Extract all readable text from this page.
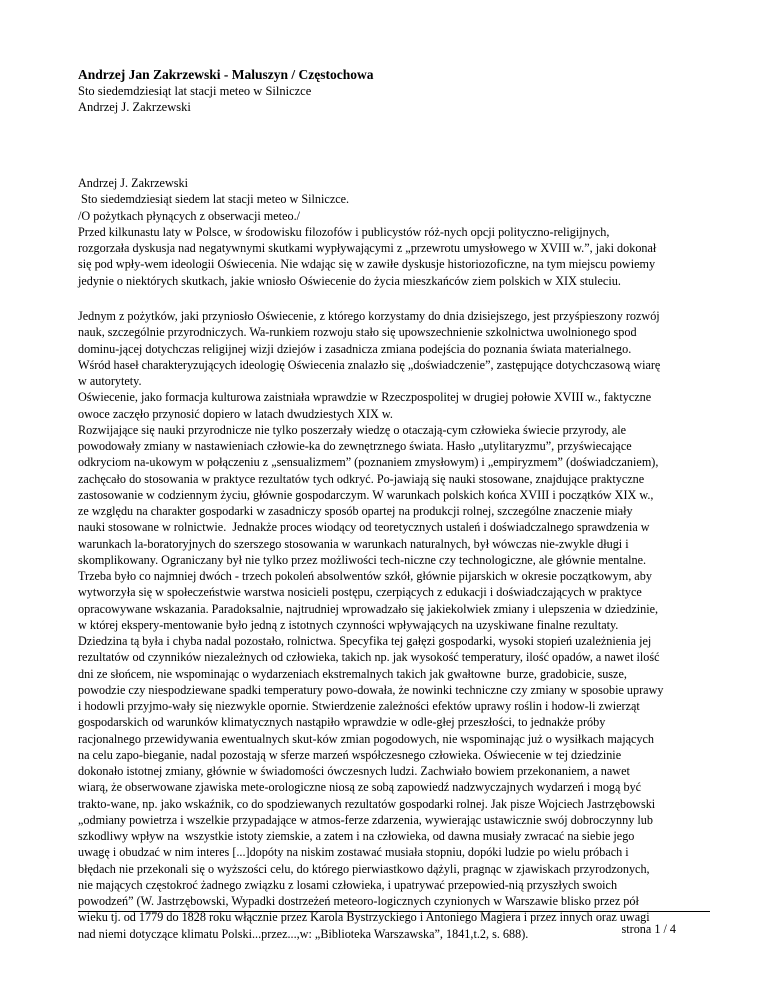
Andrzej Jan Zakrzewski - Maluszyn / Częstochowa
Sto siedemdziesiąt lat stacji meteo w Silniczce
Andrzej J. Zakrzewski
Andrzej J. Zakrzewski
Sto siedemdziesiąt siedem lat stacji meteo w Silniczce.
/O pożytkach płynących z obserwacji meteo./
Przed kilkunastu laty w Polsce, w środowisku filozofów i publicystów róż-nych opcji polityczno-religijnych,
rozgorzała dyskusja nad negatywnymi skutkami wypływającymi z „przewrotu umysłowego w XVIII w.”, jaki dokonał
się pod wpły-wem ideologii Oświecenia. Nie wdając się w zawiłe dyskusje historiozoficzne, na tym miejscu powiemy
jedynie o niektórych skutkach, jakie wniosło Oświecenie do życia mieszkańców ziem polskich w XIX stuleciu.
Jednym z pożytków, jaki przyniosło Oświecenie, z którego korzystamy do dnia dzisiejszego, jest przyśpieszony rozwój
nauk, szczególnie przyrodniczych. Wa-runkiem rozwoju stało się upowszechnienie szkolnictwa uwolnionego spod
dominu-jącej dotychczas religijnej wizji dziejów i zasadnicza zmiana podejścia do poznania świata materialnego.
Wśród haseł charakteryzujących ideologię Oświecenia znalazło się „doświadczenie”, zastępujące dotychczasową wiarę
w autorytety.
Oświecenie, jako formacja kulturowa zaistniała wprawdzie w Rzeczpospolitej w drugiej połowie XVIII w., faktyczne
owoce zaczęło przynosić dopiero w latach dwudziestych XIX w.
Rozwijające się nauki przyrodnicze nie tylko poszerzały wiedzę o otaczają-cym człowieka świecie przyrody, ale
powodowały zmiany w nastawieniach człowie-ka do zewnętrznego świata. Hasło „utylitaryzmu”, przyświecające
odkryciom na-ukowym w połączeniu z „sensualizmem” (poznaniem zmysłowym) i „empiryzmem” (doświadczaniem),
zachęcało do stosowania w praktyce rezultatów tych odkryć. Po-jawiają się nauki stosowane, znajdujące praktyczne
zastosowanie w codziennym życiu, głównie gospodarczym. W warunkach polskich końca XVIII i początków XIX w.,
ze względu na charakter gospodarki w zasadniczy sposób opartej na produkcji rolnej, szczególne znaczenie miały
nauki stosowane w rolnictwie.  Jednakże proces wiodący od teoretycznych ustaleń i doświadczalnego sprawdzenia w
warunkach la-boratoryjnych do szerszego stosowania w warunkach naturalnych, był wówczas nie-zwykle długi i
skomplikowany. Ograniczany był nie tylko przez możliwości tech-niczne czy technologiczne, ale głównie mentalne.
Trzeba było co najmniej dwóch - trzech pokoleń absolwentów szkół, głównie pijarskich w okresie początkowym, aby
wytworzyła się w społeczeństwie warstwa nosicieli postępu, czerpiących z edukacji i doświadczających w praktyce
opracowywane wskazania. Paradoksalnie, najtrudniej wprowadzało się jakiekolwiek zmiany i ulepszenia w dziedzinie,
w której ekspery-mentowanie było jedną z istotnych czynności wpływających na uzyskiwane finalne rezultaty.
Dziedzina tą była i chyba nadal pozostało, rolnictwa. Specyfika tej gałęzi gospodarki, wysoki stopień uzależnienia jej
rezultatów od czynników niezależnych od człowieka, takich np. jak wysokość temperatury, ilość opadów, a nawet ilość
dni ze słońcem, nie wspominając o wydarzeniach ekstremalnych takich jak gwałtowne  burze, gradobicie, susze,
powodzie czy niespodziewane spadki temperatury powo-dowała, że nowinki techniczne czy zmiany w sposobie uprawy
i hodowli przyjmo-wały się niezwykle opornie. Stwierdzenie zależności efektów uprawy roślin i hodow-li zwierząt
gospodarskich od warunków klimatycznych nastąpiło wprawdzie w odle-głej przeszłości, to jednakże próby
racjonalnego przewidywania ewentualnych skut-ków zmian pogodowych, nie wspominając już o wysiłkach mających
na celu zapo-bieganie, nadal pozostają w sferze marzeń współczesnego człowieka. Oświecenie w tej dziedzinie
dokonało istotnej zmiany, głównie w świadomości ówczesnych ludzi. Zachwiało bowiem przekonaniem, a nawet
wiarą, że obserwowane zjawiska mete-orologiczne niosą ze sobą zapowiedź nadzwyczajnych wydarzeń i mogą być
trakto-wane, np. jako wskaźnik, co do spodziewanych rezultatów gospodarki rolnej. Jak pisze Wojciech Jastrzębowski
„odmiany powietrza i wszelkie przypadające w atmos-ferze zdarzenia, wywierając ustawicznie swój dobroczynny lub
szkodliwy wpływ na  wszystkie istoty ziemskie, a zatem i na człowieka, od dawna musiały zwracać na siebie jego
uwagę i obudzać w nim interes [...]dopóty na niskim zostawać musiała stopniu, dopóki ludzie po wielu próbach i
błędach nie przekonali się o wyższości celu, do którego pierwiastkowo dążyli, pragnąc w zjawiskach przyrodzonych,
nie mających częstokroć żadnego związku z losami człowieka, i upatrywać przepowied-nią przyszłych swoich
powodzeń” (W. Jastrzębowski, Wypadki dostrzeżeń meteoro-logicznych czynionych w Warszawie blisko przez pół
wieku tj. od 1779 do 1828 roku włącznie przez Karola Bystrzyckiego i Antoniego Magiera i przez innych oraz uwagi
nad niemi dotyczące klimatu Polski...przez...,w: „Biblioteka Warszawska”, 1841,t.2, s. 688).	strona 1 / 4
